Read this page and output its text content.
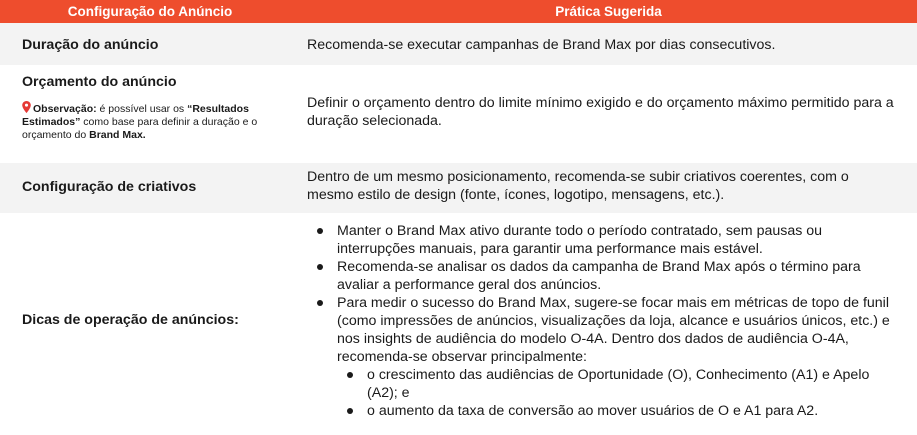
Configuração do Anúncio	Prática Sugerida
Duração do anúncio	Recomenda-se executar campanhas de Brand Max por dias consecutivos.
Orçamento do anúncio
Observação: é possível usar os “Resultados Estimados” como base para definir a duração e o orçamento do Brand Max.
Definir o orçamento dentro do limite mínimo exigido e do orçamento máximo permitido para a duração selecionada.
Configuração de criativos
Dentro de um mesmo posicionamento, recomenda-se subir criativos coerentes, com o mesmo estilo de design (fonte, ícones, logotipo, mensagens, etc.).
Dicas de operação de anúncios:
Manter o Brand Max ativo durante todo o período contratado, sem pausas ou interrupções manuais, para garantir uma performance mais estável.
Recomenda-se analisar os dados da campanha de Brand Max após o término para avaliar a performance geral dos anúncios.
Para medir o sucesso do Brand Max, sugere-se focar mais em métricas de topo de funil (como impressões de anúncios, visualizações da loja, alcance e usuários únicos, etc.) e nos insights de audiência do modelo O-4A. Dentro dos dados de audiência O-4A, recomenda-se observar principalmente:
o crescimento das audiências de Oportunidade (O), Conhecimento (A1) e Apelo (A2); e
o aumento da taxa de conversão ao mover usuários de O e A1 para A2.
